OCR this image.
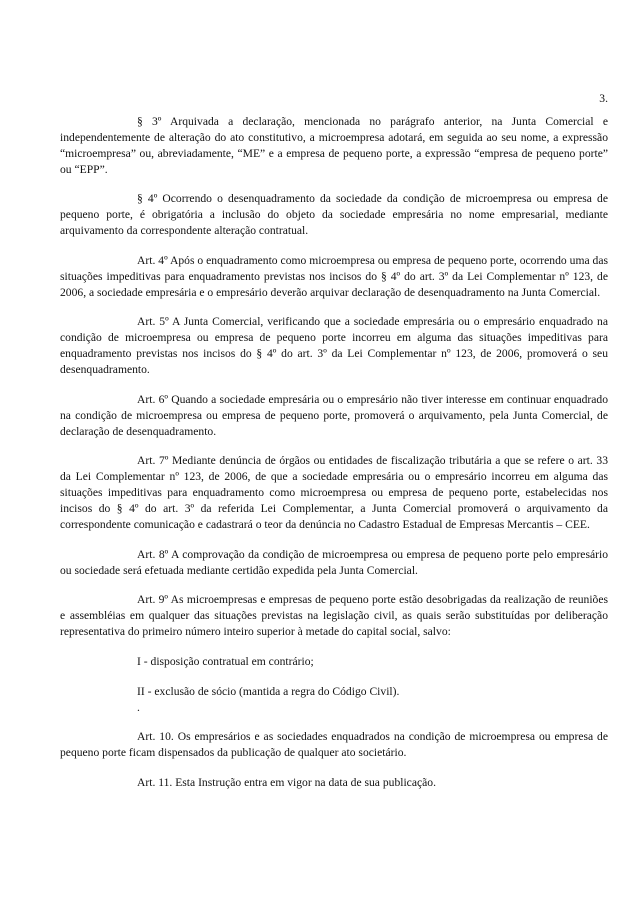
3.

§ 3º Arquivada a declaração, mencionada no parágrafo anterior, na Junta Comercial e independentemente de alteração do ato constitutivo, a microempresa adotará, em seguida ao seu nome, a expressão “microempresa” ou, abreviadamente, “ME” e a empresa de pequeno porte, a expressão “empresa de pequeno porte” ou “EPP”.

§ 4º Ocorrendo o desenquadramento da sociedade da condição de microempresa ou empresa de pequeno porte, é obrigatória a inclusão do objeto da sociedade empresária no nome empresarial, mediante arquivamento da correspondente alteração contratual.

Art. 4º Após o enquadramento como microempresa ou empresa de pequeno porte, ocorrendo uma das situações impeditivas para enquadramento previstas nos incisos do § 4º do art. 3º da Lei Complementar nº 123, de 2006, a sociedade empresária e o empresário deverão arquivar declaração de desenquadramento na Junta Comercial.

Art. 5º A Junta Comercial, verificando que a sociedade empresária ou o empresário enquadrado na condição de microempresa ou empresa de pequeno porte incorreu em alguma das situações impeditivas para enquadramento previstas nos incisos do § 4º do art. 3º da Lei Complementar nº 123, de 2006, promoverá o seu desenquadramento.

Art. 6º Quando a sociedade empresária ou o empresário não tiver interesse em continuar enquadrado na condição de microempresa ou empresa de pequeno porte, promoverá o arquivamento, pela Junta Comercial, de declaração de desenquadramento.

Art. 7º Mediante denúncia de órgãos ou entidades de fiscalização tributária a que se refere o art. 33 da Lei Complementar nº 123, de 2006, de que a sociedade empresária ou o empresário incorreu em alguma das situações impeditivas para enquadramento como microempresa ou empresa de pequeno porte, estabelecidas nos incisos do § 4º do art. 3º da referida Lei Complementar, a Junta Comercial promoverá o arquivamento da correspondente comunicação e cadastrará o teor da denúncia no Cadastro Estadual de Empresas Mercantis – CEE.

Art. 8º A comprovação da condição de microempresa ou empresa de pequeno porte pelo empresário ou sociedade será efetuada mediante certidão expedida pela Junta Comercial.

Art. 9º As microempresas e empresas de pequeno porte estão desobrigadas da realização de reuniões e assembléias em qualquer das situações previstas na legislação civil, as quais serão substituídas por deliberação representativa do primeiro número inteiro superior à metade do capital social, salvo:

I - disposição contratual em contrário;

II - exclusão de sócio (mantida a regra do Código Civil).

.

Art. 10. Os empresários e as sociedades enquadrados na condição de microempresa ou empresa de pequeno porte ficam dispensados da publicação de qualquer ato societário.

Art. 11. Esta Instrução entra em vigor na data de sua publicação.
